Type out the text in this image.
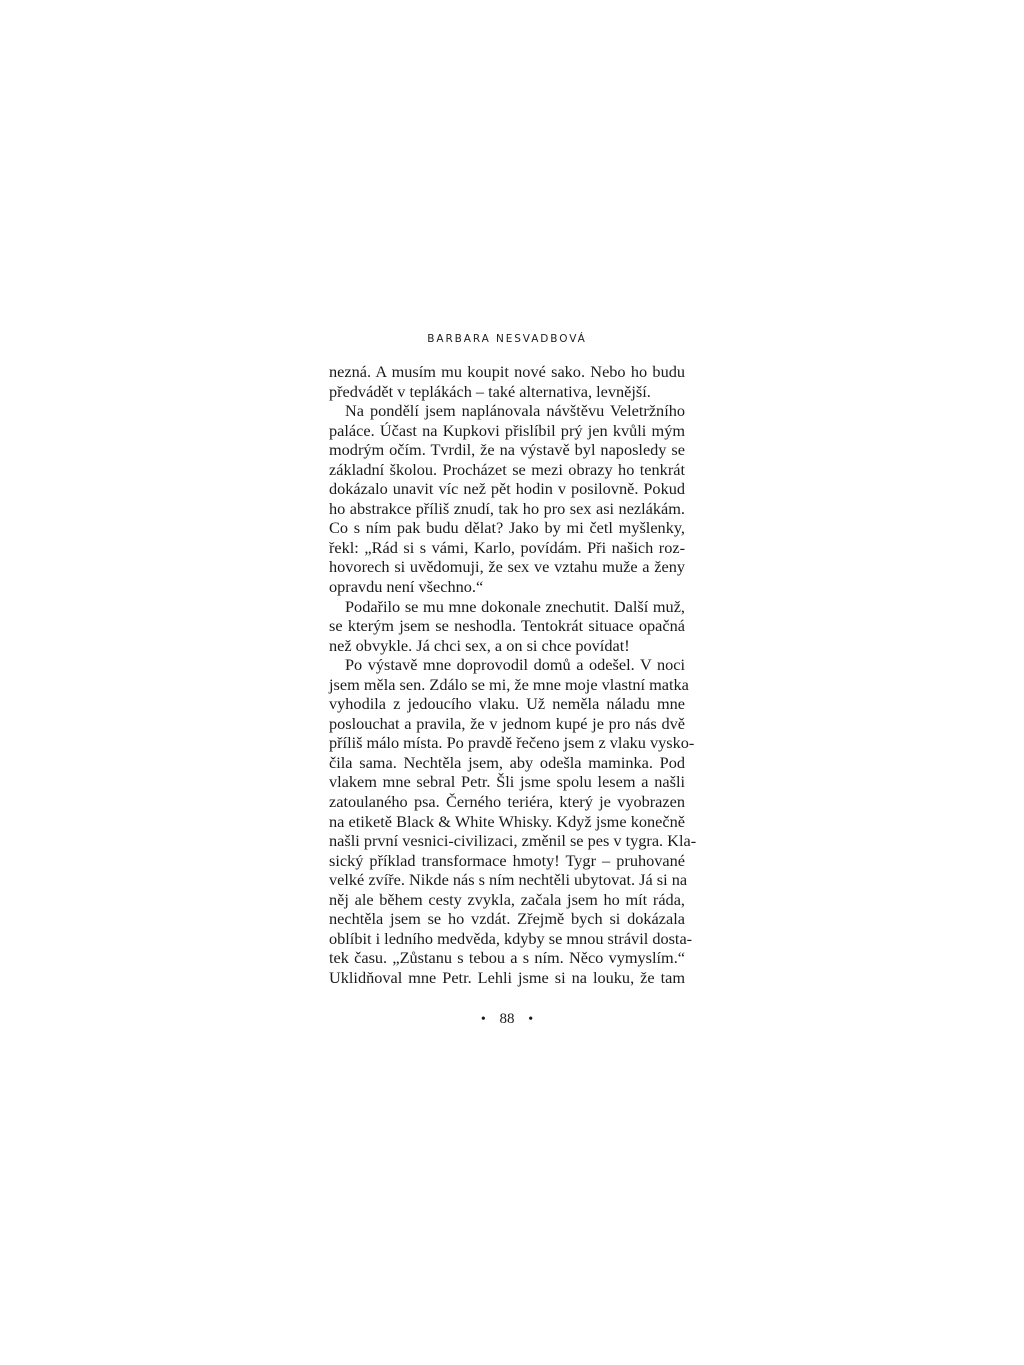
BARBARA NESVADBOVÁ
nezná. A musím mu koupit nové sako. Nebo ho budu
předvádět v teplákách – také alternativa, levnější.
Na pondělí jsem naplánovala návštěvu Veletržního
paláce. Účast na Kupkovi přislíbil prý jen kvůli mým
modrým očím. Tvrdil, že na výstavě byl naposledy se
základní školou. Procházet se mezi obrazy ho tenkrát
dokázalo unavit víc než pět hodin v posilovně. Pokud
ho abstrakce příliš znudí, tak ho pro sex asi nezlákám.
Co s ním pak budu dělat? Jako by mi četl myšlenky,
řekl: „Rád si s vámi, Karlo, povídám. Při našich roz-
hovorech si uvědomuji, že sex ve vztahu muže a ženy
opravdu není všechno.“
Podařilo se mu mne dokonale znechutit. Další muž,
se kterým jsem se neshodla. Tentokrát situace opačná
než obvykle. Já chci sex, a on si chce povídat!
Po výstavě mne doprovodil domů a odešel. V noci
jsem měla sen. Zdálo se mi, že mne moje vlastní matka
vyhodila z jedoucího vlaku. Už neměla náladu mne
poslouchat a pravila, že v jednom kupé je pro nás dvě
příliš málo místa. Po pravdě řečeno jsem z vlaku vysko-
čila sama. Nechtěla jsem, aby odešla maminka. Pod
vlakem mne sebral Petr. Šli jsme spolu lesem a našli
zatoulaného psa. Černého teriéra, který je vyobrazen
na etiketě Black & White Whisky. Když jsme konečně
našli první vesnici-civilizaci, změnil se pes v tygra. Kla-
sický příklad transformace hmoty! Tygr – pruhované
velké zvíře. Nikde nás s ním nechtěli ubytovat. Já si na
něj ale během cesty zvykla, začala jsem ho mít ráda,
nechtěla jsem se ho vzdát. Zřejmě bych si dokázala
oblíbit i ledního medvěda, kdyby se mnou strávil dosta-
tek času. „Zůstanu s tebou a s ním. Něco vymyslím.“
Uklidňoval mne Petr. Lehli jsme si na louku, že tam
• 88 •
